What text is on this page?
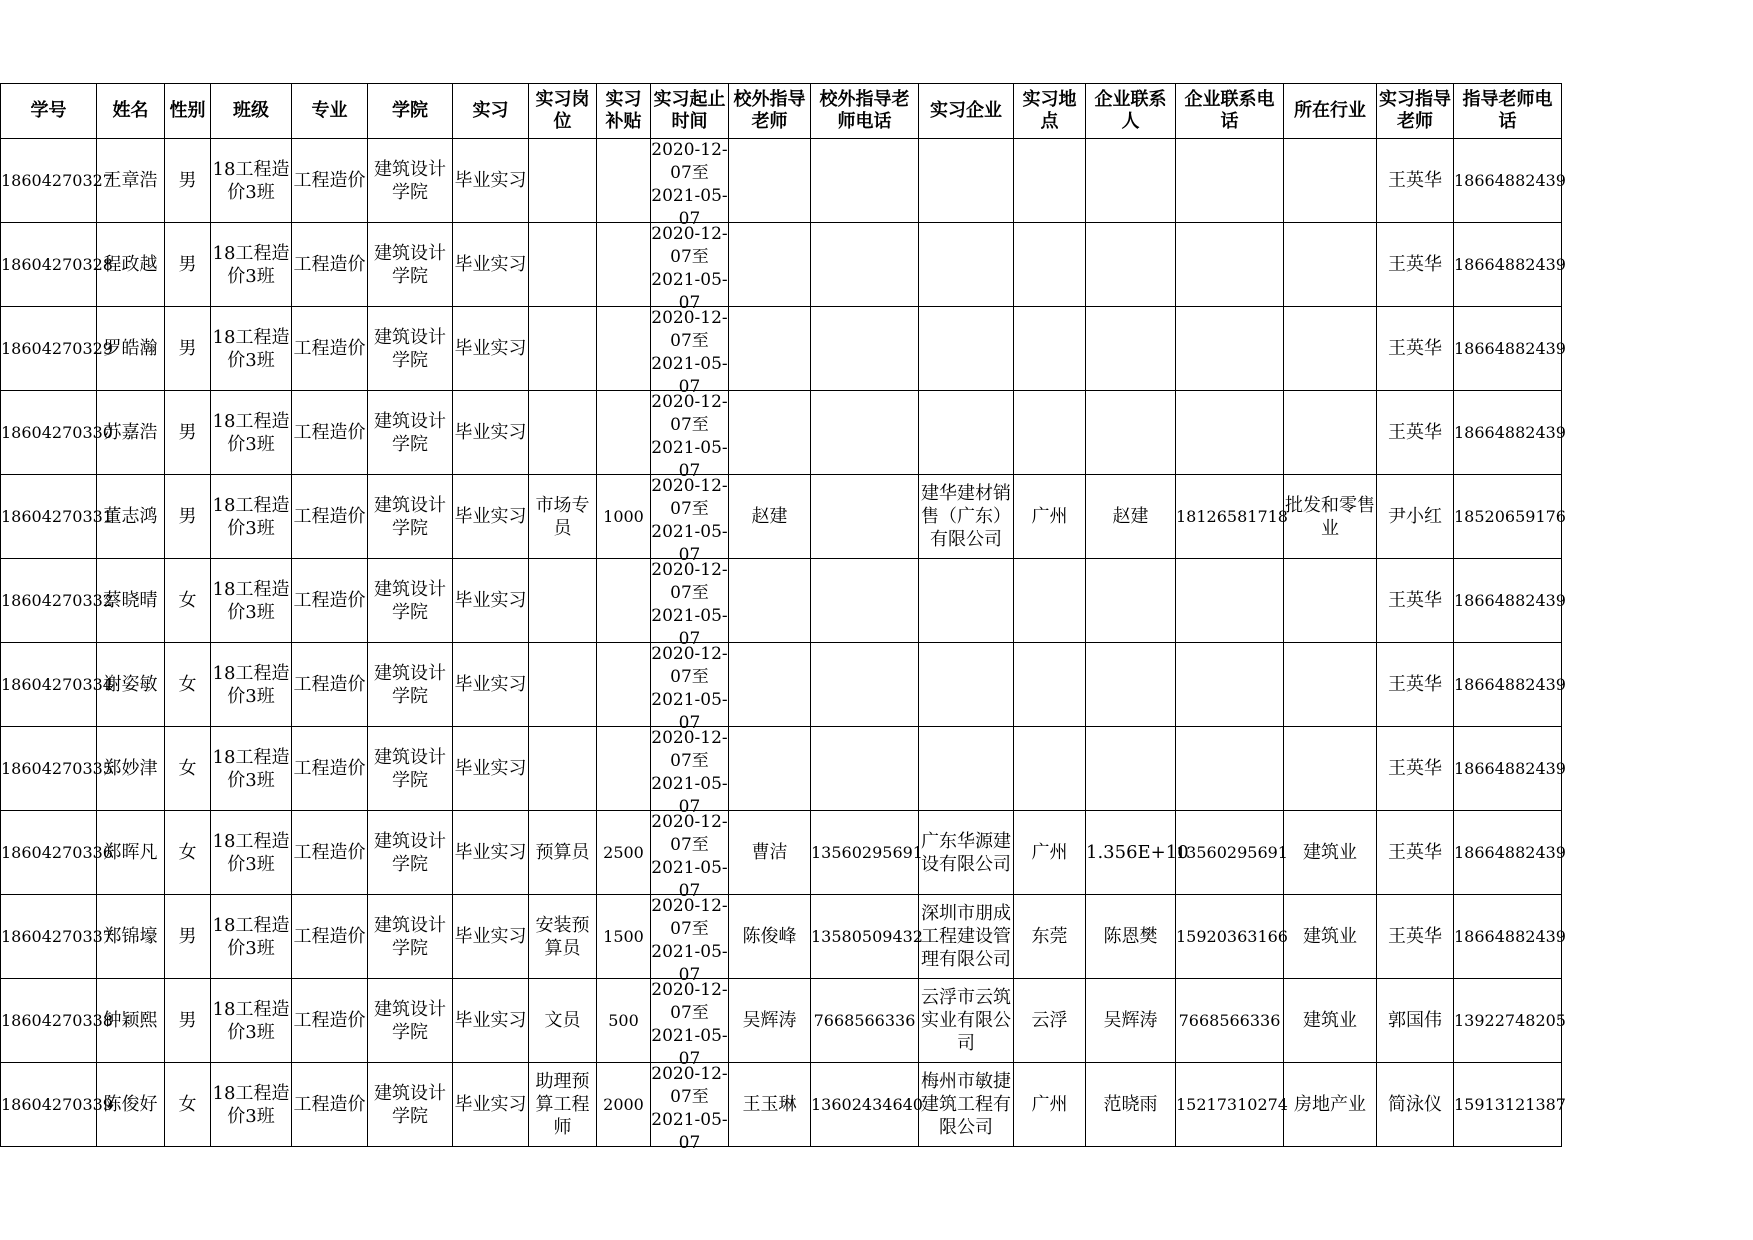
学号	姓名	性别	班级	专业	学院	实习	实习岗位	实习补贴	实习起止时间	校外指导老师	校外指导老师电话	实习企业	实习地点	企业联系人	企业联系电话	所在行业	实习指导老师	指导老师电话
18604270327	王章浩	男	18工程造价3班	工程造价	建筑设计学院	毕业实习			2020-12-07至2021-05-07								王英华	18664882439
18604270328	程政越	男	18工程造价3班	工程造价	建筑设计学院	毕业实习			2020-12-07至2021-05-07								王英华	18664882439
18604270329	罗皓瀚	男	18工程造价3班	工程造价	建筑设计学院	毕业实习			2020-12-07至2021-05-07								王英华	18664882439
18604270330	苏嘉浩	男	18工程造价3班	工程造价	建筑设计学院	毕业实习			2020-12-07至2021-05-07								王英华	18664882439
18604270331	董志鸿	男	18工程造价3班	工程造价	建筑设计学院	毕业实习	市场专员	1000	2020-12-07至2021-05-07	赵建		建华建材销售（广东）有限公司	广州	赵建	18126581718	批发和零售业	尹小红	18520659176
18604270332	蔡晓晴	女	18工程造价3班	工程造价	建筑设计学院	毕业实习			2020-12-07至2021-05-07								王英华	18664882439
18604270334	谢姿敏	女	18工程造价3班	工程造价	建筑设计学院	毕业实习			2020-12-07至2021-05-07								王英华	18664882439
18604270335	郑妙津	女	18工程造价3班	工程造价	建筑设计学院	毕业实习			2020-12-07至2021-05-07								王英华	18664882439
18604270336	郑晖凡	女	18工程造价3班	工程造价	建筑设计学院	毕业实习	预算员	2500	2020-12-07至2021-05-07	曹洁	13560295691	广东华源建设有限公司	广州	1.356E+10	13560295691	建筑业	王英华	18664882439
18604270337	郑锦壕	男	18工程造价3班	工程造价	建筑设计学院	毕业实习	安装预算员	1500	2020-12-07至2021-05-07	陈俊峰	13580509432	深圳市朋成工程建设管理有限公司	东莞	陈恩樊	15920363166	建筑业	王英华	18664882439
18604270338	钟颖熙	男	18工程造价3班	工程造价	建筑设计学院	毕业实习	文员	500	2020-12-07至2021-05-07	吴辉涛	7668566336	云浮市云筑实业有限公司	云浮	吴辉涛	7668566336	建筑业	郭国伟	13922748205
18604270339	陈俊好	女	18工程造价3班	工程造价	建筑设计学院	毕业实习	助理预算工程师	2000	2020-12-07至2021-05-07	王玉琳	13602434640	梅州市敏捷建筑工程有限公司	广州	范晓雨	15217310274	房地产业	简泳仪	15913121387
